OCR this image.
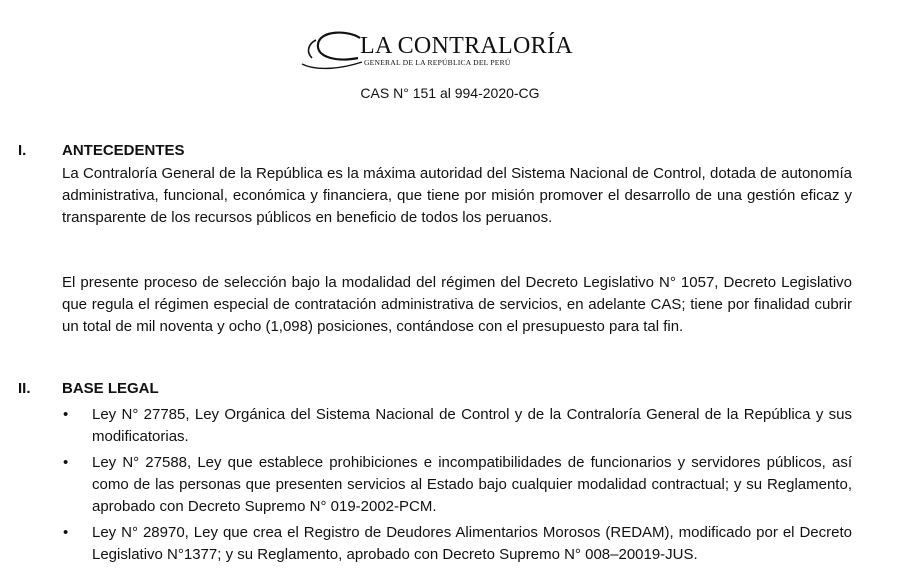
LA CONTRALORÍA
GENERAL DE LA REPÚBLICA DEL PERÚ
CAS N° 151 al 994-2020-CG
I. ANTECEDENTES

La Contraloría General de la República es la máxima autoridad del Sistema Nacional de Control, dotada de autonomía administrativa, funcional, económica y financiera, que tiene por misión promover el desarrollo de una gestión eficaz y transparente de los recursos públicos en beneficio de todos los peruanos.

El presente proceso de selección bajo la modalidad del régimen del Decreto Legislativo N° 1057, Decreto Legislativo que regula el régimen especial de contratación administrativa de servicios, en adelante CAS; tiene por finalidad cubrir un total de mil noventa y ocho (1,098) posiciones, contándose con el presupuesto para tal fin.

II. BASE LEGAL
• Ley N° 27785, Ley Orgánica del Sistema Nacional de Control y de la Contraloría General de la República y sus modificatorias.
• Ley N° 27588, Ley que establece prohibiciones e incompatibilidades de funcionarios y servidores públicos, así como de las personas que presenten servicios al Estado bajo cualquier modalidad contractual; y su Reglamento, aprobado con Decreto Supremo N° 019-2002-PCM.
• Ley N° 28970, Ley que crea el Registro de Deudores Alimentarios Morosos (REDAM), modificado por el Decreto Legislativo N°1377; y su Reglamento, aprobado con Decreto Supremo N° 008–20019-JUS.
